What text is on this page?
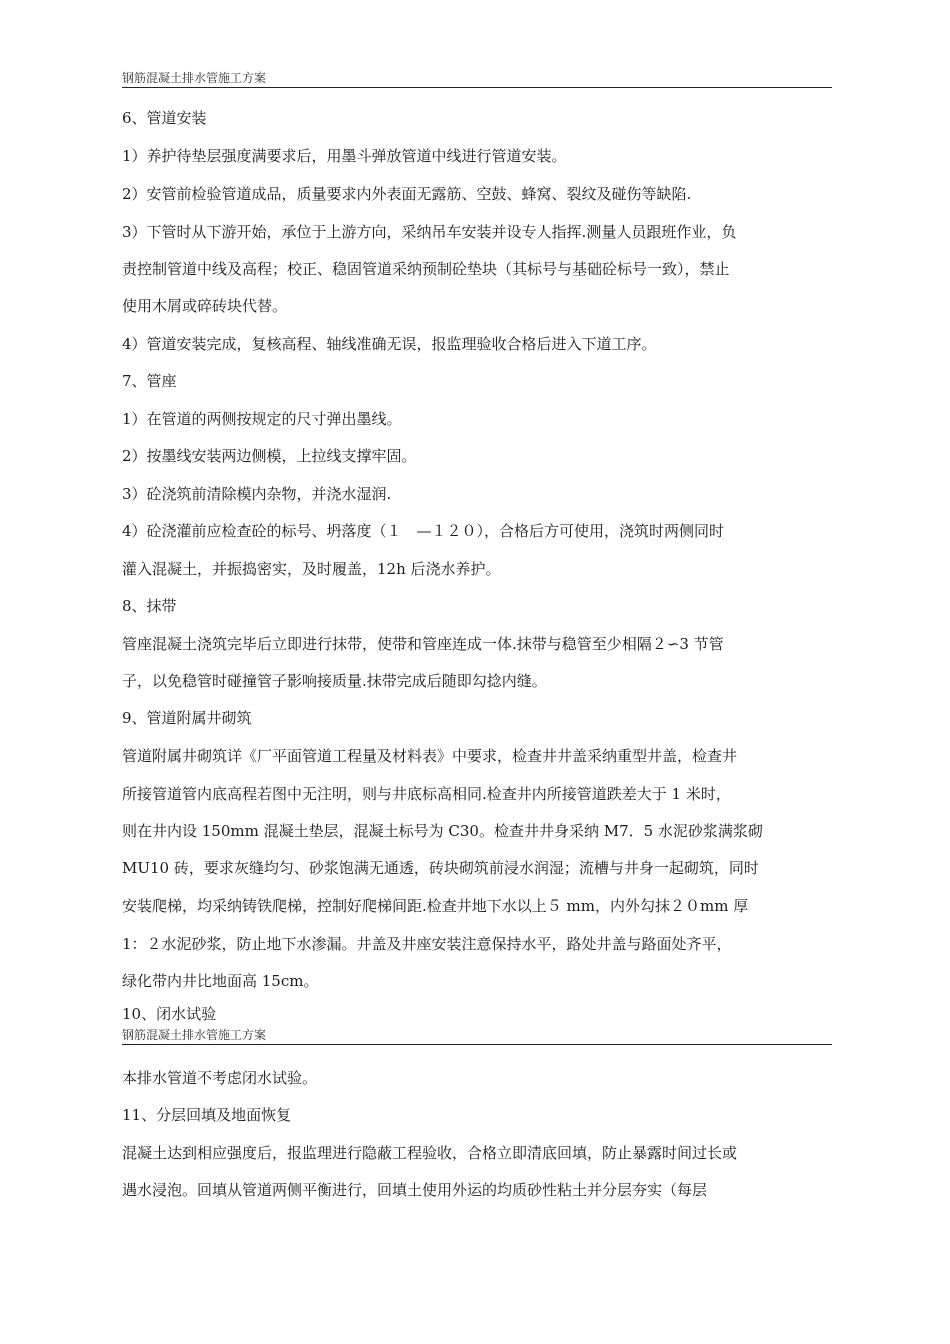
钢筋混凝土排水管施工方案
6、管道安装
1）养护待垫层强度满要求后，用墨斗弹放管道中线进行管道安装。
2）安管前检验管道成品，质量要求内外表面无露筋、空鼓、蜂窝、裂纹及碰伤等缺陷.
3）下管时从下游开始，承位于上游方向，采纳吊车安装并设专人指挥.测量人员跟班作业，负
责控制管道中线及高程；校正、稳固管道采纳预制砼垫块（其标号与基础砼标号一致），禁止
使用木屑或碎砖块代替。
4）管道安装完成，复核高程、轴线准确无误，报监理验收合格后进入下道工序。
7、管座
1）在管道的两侧按规定的尺寸弹出墨线。
2）按墨线安装两边侧模，上拉线支撑牢固。
3）砼浇筑前清除模内杂物，并浇水湿润.
4）砼浇灌前应检查砼的标号、坍落度（１　—１２０），合格后方可使用，浇筑时两侧同时
灌入混凝土，并振捣密实，及时履盖，12h 后浇水养护。
8、抹带
管座混凝土浇筑完毕后立即进行抹带，使带和管座连成一体.抹带与稳管至少相隔２∽3 节管
子，以免稳管时碰撞管子影响接质量.抹带完成后随即勾捻内缝。
9、管道附属井砌筑
管道附属井砌筑详《厂平面管道工程量及材料表》中要求，检查井井盖采纳重型井盖，检查井
所接管道管内底高程若图中无注明，则与井底标高相同.检查井内所接管道跌差大于 1 米时，
则在井内设 150mm 混凝土垫层，混凝土标号为 C30。检查井井身采纳 M7．5 水泥砂浆满浆砌
MU10 砖，要求灰缝均匀、砂浆饱满无通透，砖块砌筑前浸水润湿；流槽与井身一起砌筑，同时
安装爬梯，均采纳铸铁爬梯，控制好爬梯间距.检查井地下水以上５ mm，内外勾抹２０mm 厚
1：２水泥砂浆，防止地下水渗漏。井盖及井座安装注意保持水平，路处井盖与路面处齐平，
绿化带内井比地面高 15cm。
10、闭水试验
钢筋混凝土排水管施工方案
本排水管道不考虑闭水试验。
11、分层回填及地面恢复
混凝土达到相应强度后，报监理进行隐蔽工程验收，合格立即清底回填，防止暴露时间过长或
遇水浸泡。回填从管道两侧平衡进行，回填土使用外运的均质砂性粘土并分层夯实（每层
